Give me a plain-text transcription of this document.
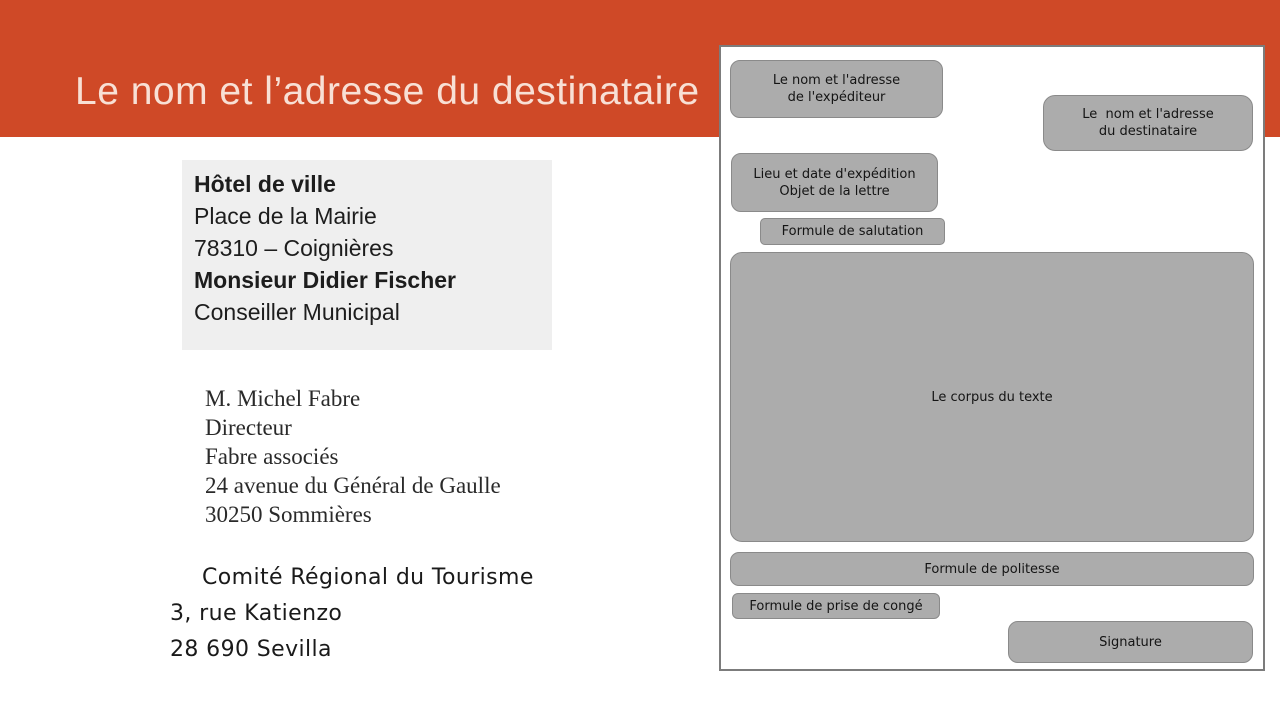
Le nom et l’adresse du destinataire
Hôtel de ville
Place de la Mairie
78310 – Coignières
Monsieur Didier Fischer
Conseiller Municipal
M. Michel Fabre
Directeur
Fabre associés
24 avenue du Général de Gaulle
30250 Sommières
Comité Régional du Tourisme
3, rue Katienzo
28 690 Sevilla
Le nom et l'adresse
de l'expéditeur
Le  nom et l'adresse
du destinataire
Lieu et date d'expédition
Objet de la lettre
Formule de salutation
Le corpus du texte
Formule de politesse
Formule de prise de congé
Signature
